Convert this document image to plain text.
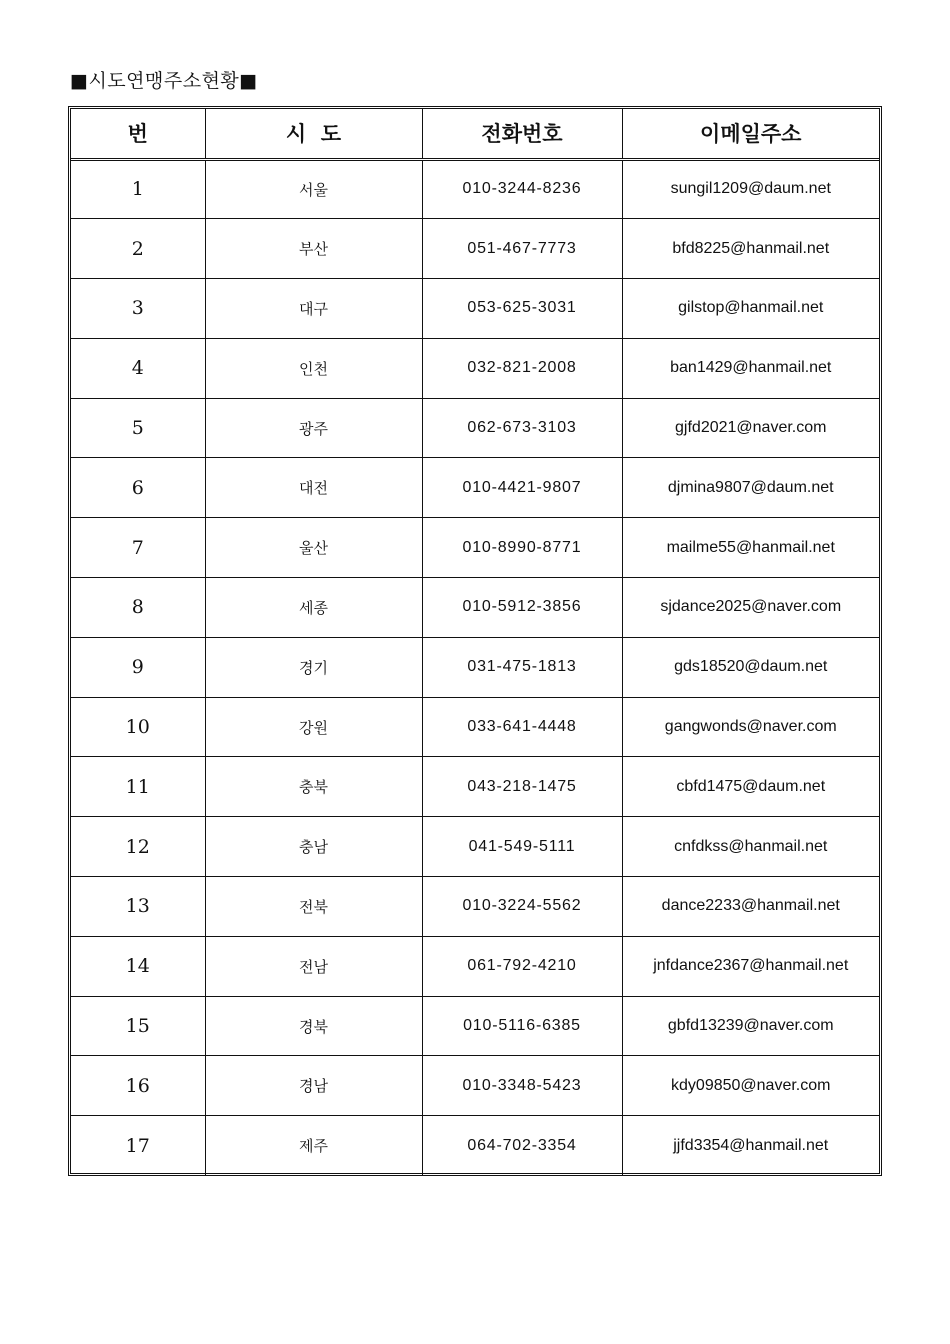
■시도연맹주소현황■
번	시  도	전화번호	이메일주소
1	서울	010-3244-8236	sungil1209@daum.net
2	부산	051-467-7773	bfd8225@hanmail.net
3	대구	053-625-3031	gilstop@hanmail.net
4	인천	032-821-2008	ban1429@hanmail.net
5	광주	062-673-3103	gjfd2021@naver.com
6	대전	010-4421-9807	djmina9807@daum.net
7	울산	010-8990-8771	mailme55@hanmail.net
8	세종	010-5912-3856	sjdance2025@naver.com
9	경기	031-475-1813	gds18520@daum.net
10	강원	033-641-4448	gangwonds@naver.com
11	충북	043-218-1475	cbfd1475@daum.net
12	충남	041-549-5111	cnfdkss@hanmail.net
13	전북	010-3224-5562	dance2233@hanmail.net
14	전남	061-792-4210	jnfdance2367@hanmail.net
15	경북	010-5116-6385	gbfd13239@naver.com
16	경남	010-3348-5423	kdy09850@naver.com
17	제주	064-702-3354	jjfd3354@hanmail.net
